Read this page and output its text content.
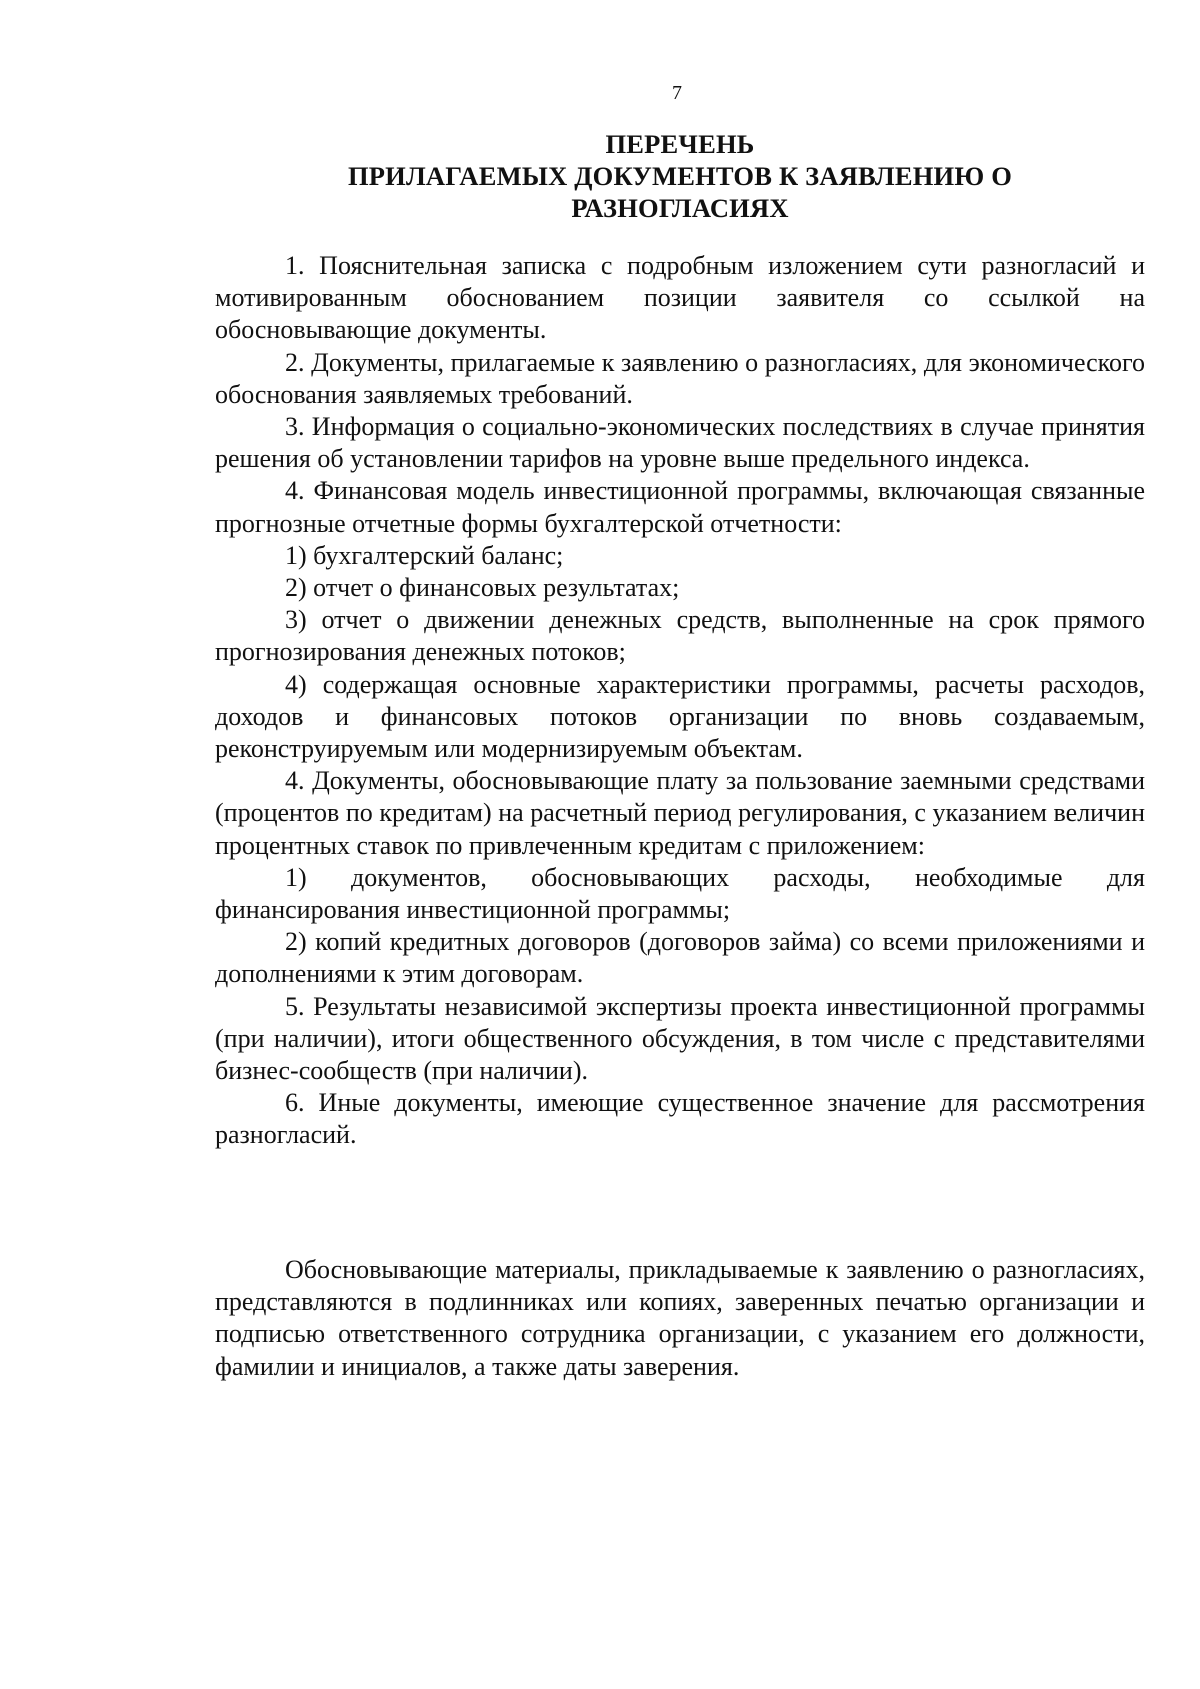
7
ПЕРЕЧЕНЬ
ПРИЛАГАЕМЫХ ДОКУМЕНТОВ К ЗАЯВЛЕНИЮ О
РАЗНОГЛАСИЯХ

1. Пояснительная записка с подробным изложением сути разногласий и мотивированным обоснованием позиции заявителя со ссылкой на обосновывающие документы.

2. Документы, прилагаемые к заявлению о разногласиях, для экономического обоснования заявляемых требований.

3. Информация о социально-экономических последствиях в случае принятия решения об установлении тарифов на уровне выше предельного индекса.

4. Финансовая модель инвестиционной программы, включающая связанные прогнозные отчетные формы бухгалтерской отчетности:

1) бухгалтерский баланс;

2) отчет о финансовых результатах;

3) отчет о движении денежных средств, выполненные на срок прямого прогнозирования денежных потоков;

4) содержащая основные характеристики программы, расчеты расходов, доходов и финансовых потоков организации по вновь создаваемым, реконструируемым или модернизируемым объектам.

4. Документы, обосновывающие плату за пользование заемными средствами (процентов по кредитам) на расчетный период регулирования, с указанием величин процентных ставок по привлеченным кредитам с приложением:

1) документов, обосновывающих расходы, необходимые для финансирования инвестиционной программы;

2) копий кредитных договоров (договоров займа) со всеми приложениями и дополнениями к этим договорам.

5. Результаты независимой экспертизы проекта инвестиционной программы (при наличии), итоги общественного обсуждения, в том числе с представителями бизнес-сообществ (при наличии).

6. Иные документы, имеющие существенное значение для рассмотрения разногласий.

Обосновывающие материалы, прикладываемые к заявлению о разногласиях, представляются в подлинниках или копиях, заверенных печатью организации и подписью ответственного сотрудника организации, с указанием его должности, фамилии и инициалов, а также даты заверения.
